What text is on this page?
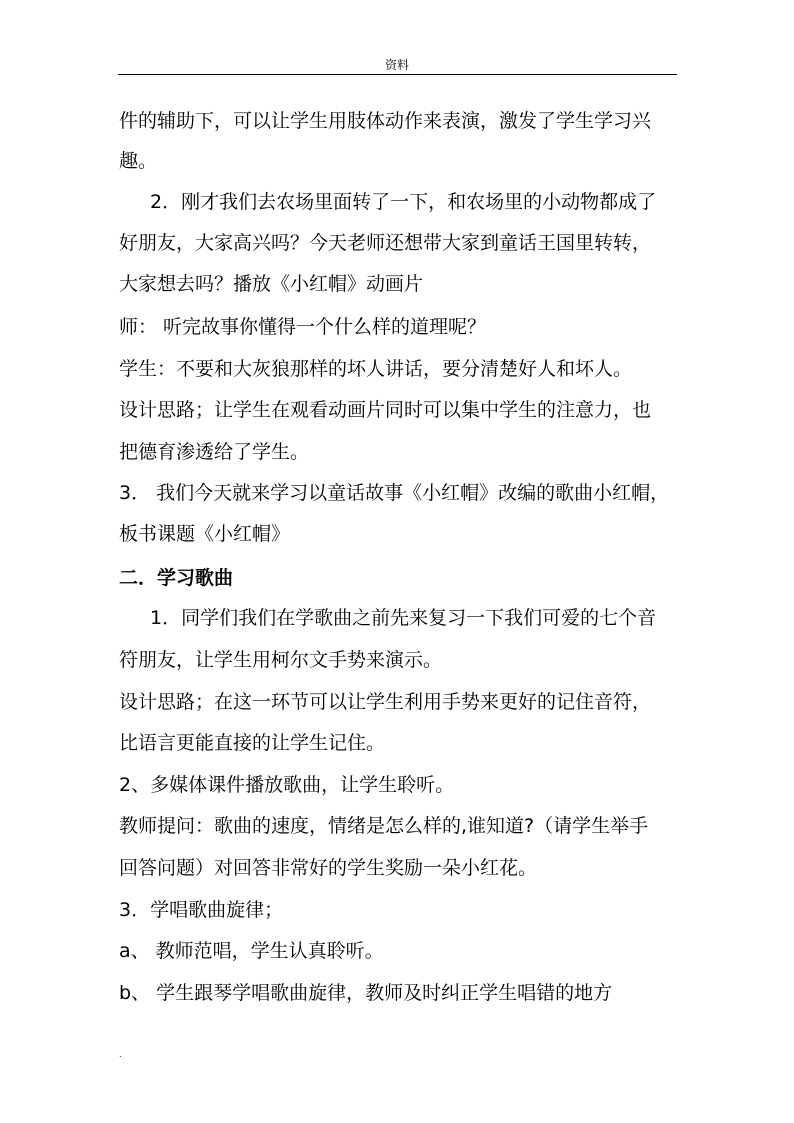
资料
件的辅助下，可以让学生用肢体动作来表演，激发了学生学习兴
趣。
2．刚才我们去农场里面转了一下，和农场里的小动物都成了
好朋友，大家高兴吗？今天老师还想带大家到童话王国里转转，
大家想去吗？播放《小红帽》动画片
师： 听完故事你懂得一个什么样的道理呢？
学生：不要和大灰狼那样的坏人讲话，要分清楚好人和坏人。
设计思路；让学生在观看动画片同时可以集中学生的注意力，也
把德育渗透给了学生。
3． 我们今天就来学习以童话故事《小红帽》改编的歌曲小红帽，
板书课题《小红帽》
二．学习歌曲
1．同学们我们在学歌曲之前先来复习一下我们可爱的七个音
符朋友，让学生用柯尔文手势来演示。
设计思路；在这一环节可以让学生利用手势来更好的记住音符，
比语言更能直接的让学生记住。
2、多媒体课件播放歌曲，让学生聆听。
教师提问：歌曲的速度，情绪是怎么样的,谁知道?（请学生举手
回答问题）对回答非常好的学生奖励一朵小红花。
3．学唱歌曲旋律；
a、 教师范唱，学生认真聆听。
b、 学生跟琴学唱歌曲旋律，教师及时纠正学生唱错的地方
.
